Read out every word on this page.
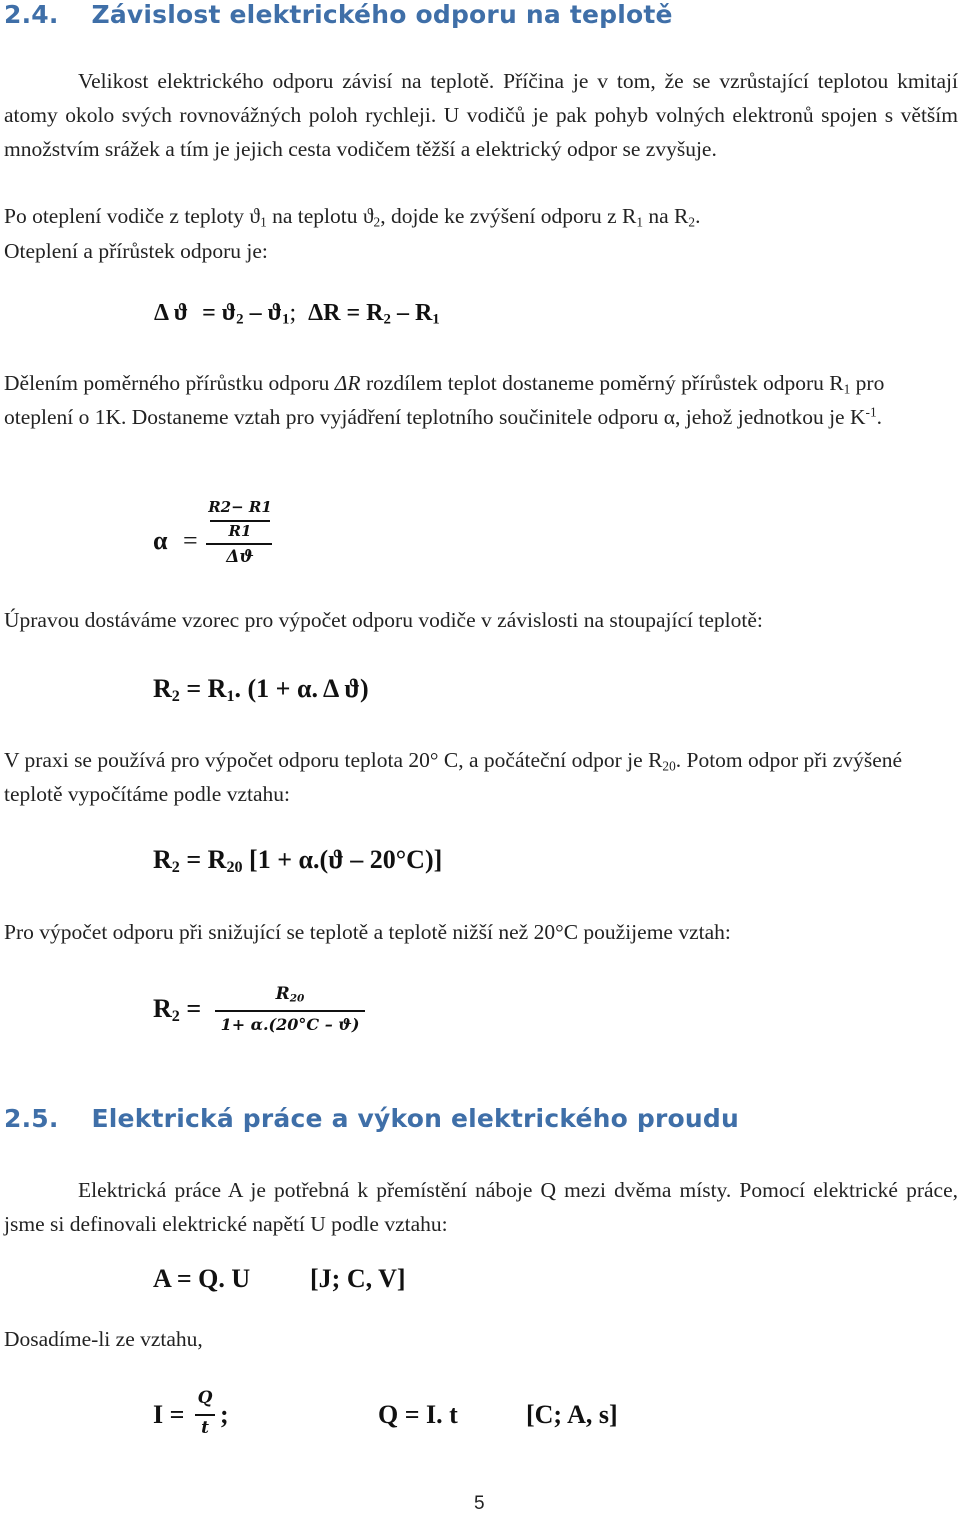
2.4. Závislost elektrického odporu na teplotě
Velikost elektrického odporu závisí na teplotě. Příčina je v tom, že se vzrůstající teplotou kmitají atomy okolo svých rovnovážných poloh rychleji. U vodičů je pak pohyb volných elektronů spojen s větším množstvím srážek a tím je jejich cesta vodičem těžší a elektrický odpor se zvyšuje.
Po oteplení vodiče z teploty $ϑ_1$ na teplotu $ϑ_2$, dojde ke zvýšení odporu z $R_1$ na $R_2$.
Oteplení a přírůstek odporu je:
Δ $ϑ = ϑ_2 - ϑ_1$; $\Delta R = R_2 - R_1$
Dělením poměrného přírůstku odporu ΔR rozdílem teplot dostaneme poměrný přírůstek odporu $R_1$ pro oteplení o 1K. Dostaneme vztah pro vyjádření teplotního součinitele odporu α, jehož jednotkou je $K^{-1}$.
α =
R2− R1
R1
Δϑ
Úpravou dostáváme vzorec pro výpočet odporu vodiče v závislosti na stoupající teplotě:
$R_2 = R_1$. (1 + α. Δ ϑ)
V praxi se používá pro výpočet odporu teplota 20° C, a počáteční odpor je $R_{20}$. Potom odpor při zvýšené teplotě vypočítáme podle vztahu:
$R_2 = R_{20}$ [1 + α.(ϑ – 20°C)]
Pro výpočet odporu při snižující se teplotě a teplotě nižší než 20°C použijeme vztah:
$R_2$ =	$R_{20}$
1+ α.(20°C – ϑ)
2.5. Elektrická práce a výkon elektrického proudu
Elektrická práce A je potřebná k přemístění náboje Q mezi dvěma místy. Pomocí elektrické práce, jsme si definovali elektrické napětí U podle vztahu:
A = Q. U [J; C, V]
Dosadíme-li ze vztahu,
I =
Q
t ;	Q = I. t	[C; A, s]
5
